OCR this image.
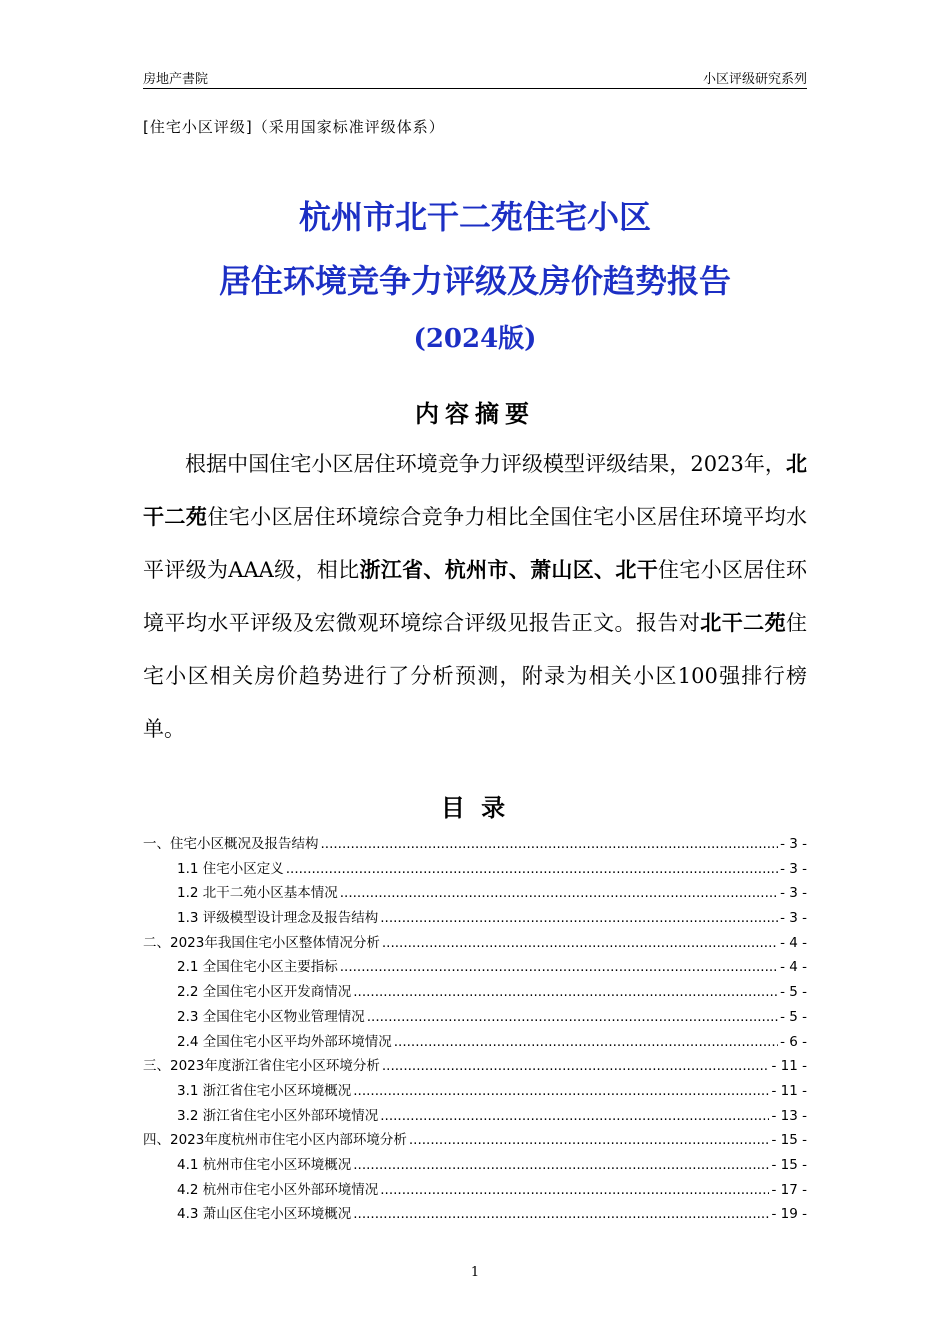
房地产書院	小区评级研究系列
[住宅小区评级]（采用国家标准评级体系）
杭州市北干二苑住宅小区
居住环境竞争力评级及房价趋势报告
(2024版)
内容摘要
根据中国住宅小区居住环境竞争力评级模型评级结果，2023年，北干二苑住宅小区居住环境综合竞争力相比全国住宅小区居住环境平均水平评级为AAA级，相比浙江省、杭州市、萧山区、北干住宅小区居住环境平均水平评级及宏微观环境综合评级见报告正文。报告对北干二苑住宅小区相关房价趋势进行了分析预测，附录为相关小区100强排行榜单。
目 录
一、住宅小区概况及报告结构 .....	- 3 -
1.1 住宅小区定义 .....	- 3 -
1.2 北干二苑小区基本情况 .....	- 3 -
1.3 评级模型设计理念及报告结构 .....	- 3 -
二、2023年我国住宅小区整体情况分析 .....	- 4 -
2.1 全国住宅小区主要指标 .....	- 4 -
2.2 全国住宅小区开发商情况 .....	- 5 -
2.3 全国住宅小区物业管理情况 .....	- 5 -
2.4 全国住宅小区平均外部环境情况 .....	- 6 -
三、2023年度浙江省住宅小区环境分析 .....	- 11 -
3.1 浙江省住宅小区环境概况 .....	- 11 -
3.2 浙江省住宅小区外部环境情况 .....	- 13 -
四、2023年度杭州市住宅小区内部环境分析 .....	- 15 -
4.1 杭州市住宅小区环境概况 .....	- 15 -
4.2 杭州市住宅小区外部环境情况 .....	- 17 -
4.3 萧山区住宅小区环境概况 .....	- 19 -
1
